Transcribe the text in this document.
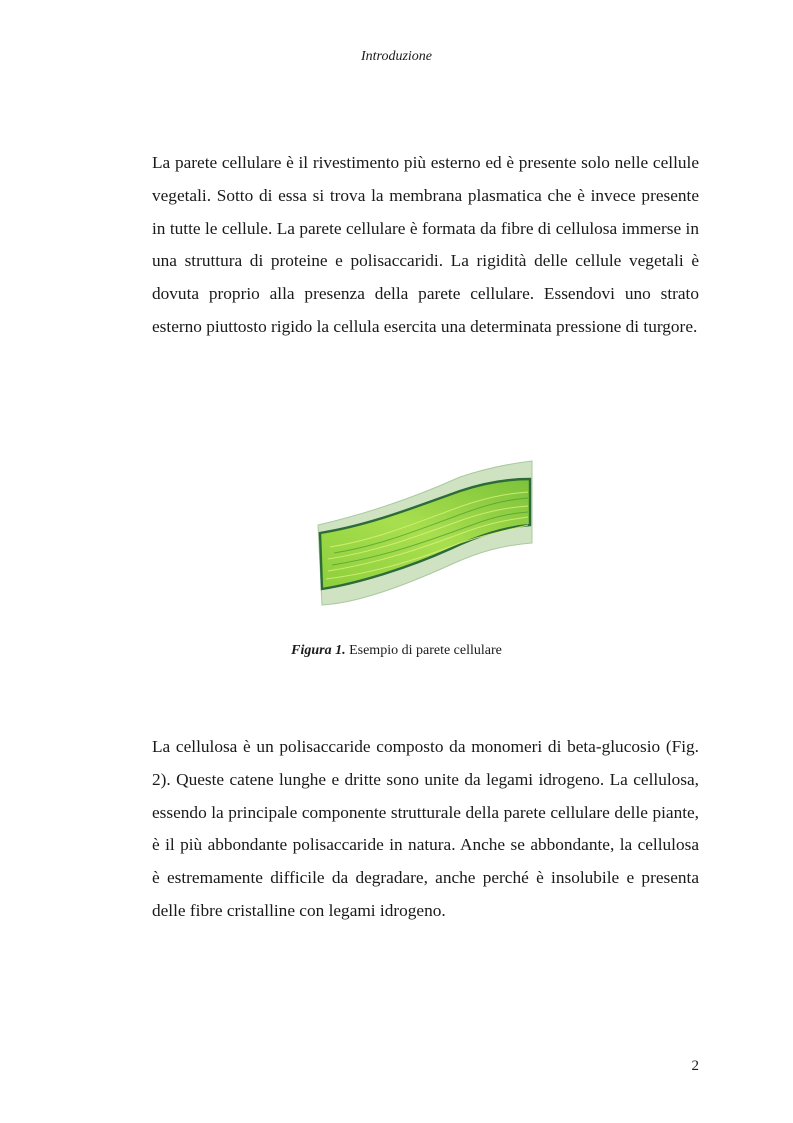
Introduzione

La parete cellulare è il rivestimento più esterno ed è presente solo nelle cellule vegetali. Sotto di essa si trova la membrana plasmatica che è invece presente in tutte le cellule. La parete cellulare è formata da fibre di cellulosa immerse in una struttura di proteine e polisaccaridi. La rigidità delle cellule vegetali è dovuta proprio alla presenza della parete cellulare. Essendovi uno strato esterno piuttosto rigido la cellula esercita una determinata pressione di turgore.

Figura 1. Esempio di parete cellulare

La cellulosa è un polisaccaride composto da monomeri di beta-glucosio (Fig. 2). Queste catene lunghe e dritte sono unite da legami idrogeno. La cellulosa, essendo la principale componente strutturale della parete cellulare delle piante, è il più abbondante polisaccaride in natura. Anche se abbondante, la cellulosa è estremamente difficile da degradare, anche perché è insolubile e presenta delle fibre cristalline con legami idrogeno.

2
